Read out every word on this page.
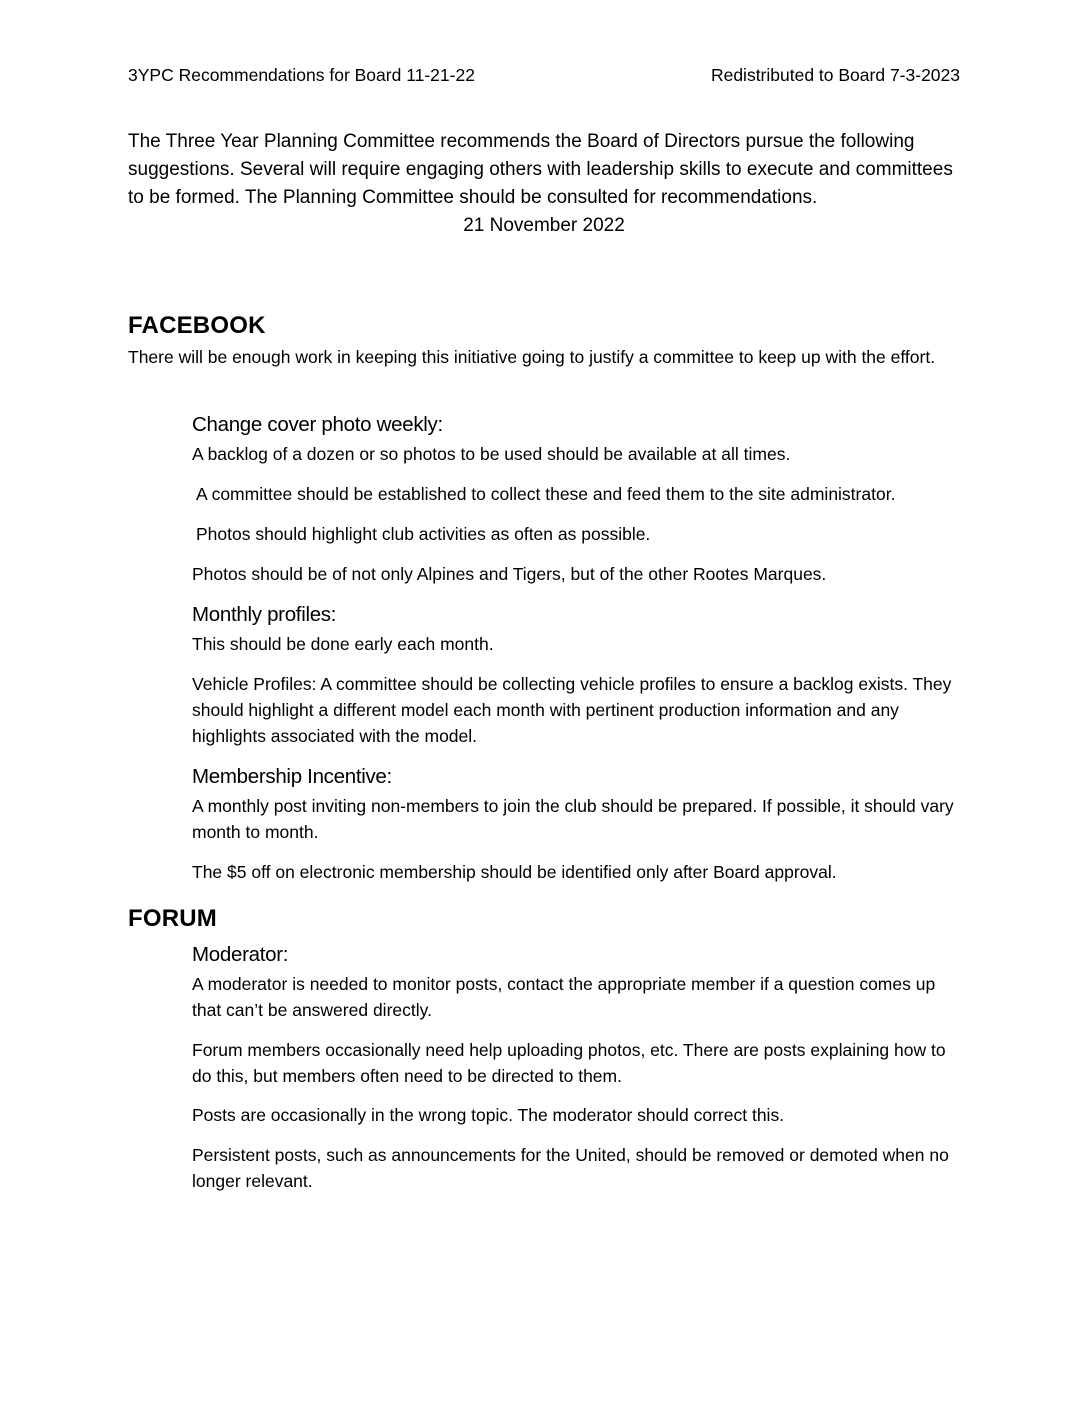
3YPC Recommendations for Board 11-21-22	Redistributed to Board 7-3-2023
The Three Year Planning Committee recommends the Board of Directors pursue the following suggestions. Several will require engaging others with leadership skills to execute and committees to be formed. The Planning Committee should be consulted for recommendations.
21 November 2022
FACEBOOK
There will be enough work in keeping this initiative going to justify a committee to keep up with the effort.
Change cover photo weekly:
A backlog of a dozen or so photos to be used should be available at all times.
A committee should be established to collect these and feed them to the site administrator.
Photos should highlight club activities as often as possible.
Photos should be of not only Alpines and Tigers, but of the other Rootes Marques.
Monthly profiles:
This should be done early each month.
Vehicle Profiles: A committee should be collecting vehicle profiles to ensure a backlog exists. They should highlight a different model each month with pertinent production information and any highlights associated with the model.
Membership Incentive:
A monthly post inviting non-members to join the club should be prepared. If possible, it should vary month to month.
The $5 off on electronic membership should be identified only after Board approval.
FORUM
Moderator:
A moderator is needed to monitor posts, contact the appropriate member if a question comes up that can’t be answered directly.
Forum members occasionally need help uploading photos, etc. There are posts explaining how to do this, but members often need to be directed to them.
Posts are occasionally in the wrong topic. The moderator should correct this.
Persistent posts, such as announcements for the United, should be removed or demoted when no longer relevant.
